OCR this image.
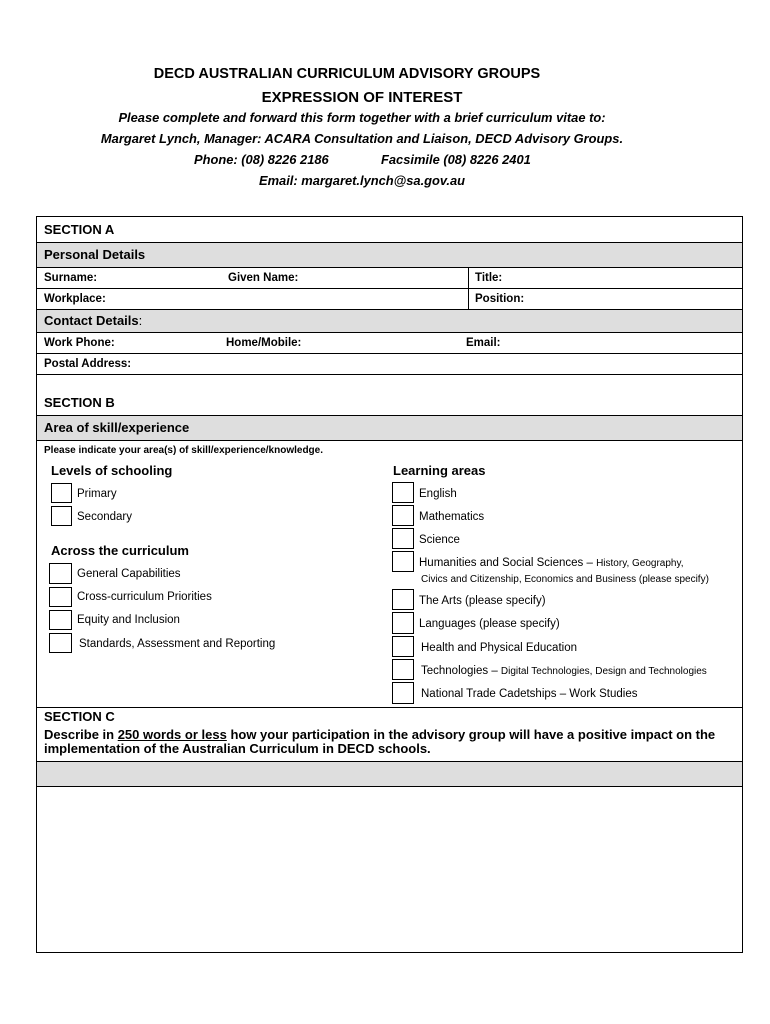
DECD AUSTRALIAN CURRICULUM ADVISORY GROUPS
EXPRESSION OF INTEREST
Please complete and forward this form together with a brief curriculum vitae to:
Margaret Lynch, Manager: ACARA Consultation and Liaison, DECD Advisory Groups.
Phone: (08) 8226 2186	Facsimile (08) 8226 2401
Email: margaret.lynch@sa.gov.au
SECTION A
Personal Details
Surname:	Given Name:	Title:
Workplace:	Position:
Contact Details:
Work Phone:	Home/Mobile:	Email:
Postal Address:
SECTION B
Area of skill/experience
Please indicate your area(s) of skill/experience/knowledge.
Levels of schooling
Primary
Secondary
Across the curriculum
General Capabilities
Cross-curriculum Priorities
Equity and Inclusion
Standards, Assessment and Reporting
Learning areas
English
Mathematics
Science
Humanities and Social Sciences – History, Geography,
Civics and Citizenship, Economics and Business (please specify)
The Arts (please specify)
Languages (please specify)
Health and Physical Education
Technologies – Digital Technologies, Design and Technologies
National Trade Cadetships – Work Studies
SECTION C
Describe in 250 words or less how your participation in the advisory group will have a positive impact on the
implementation of the Australian Curriculum in DECD schools.
